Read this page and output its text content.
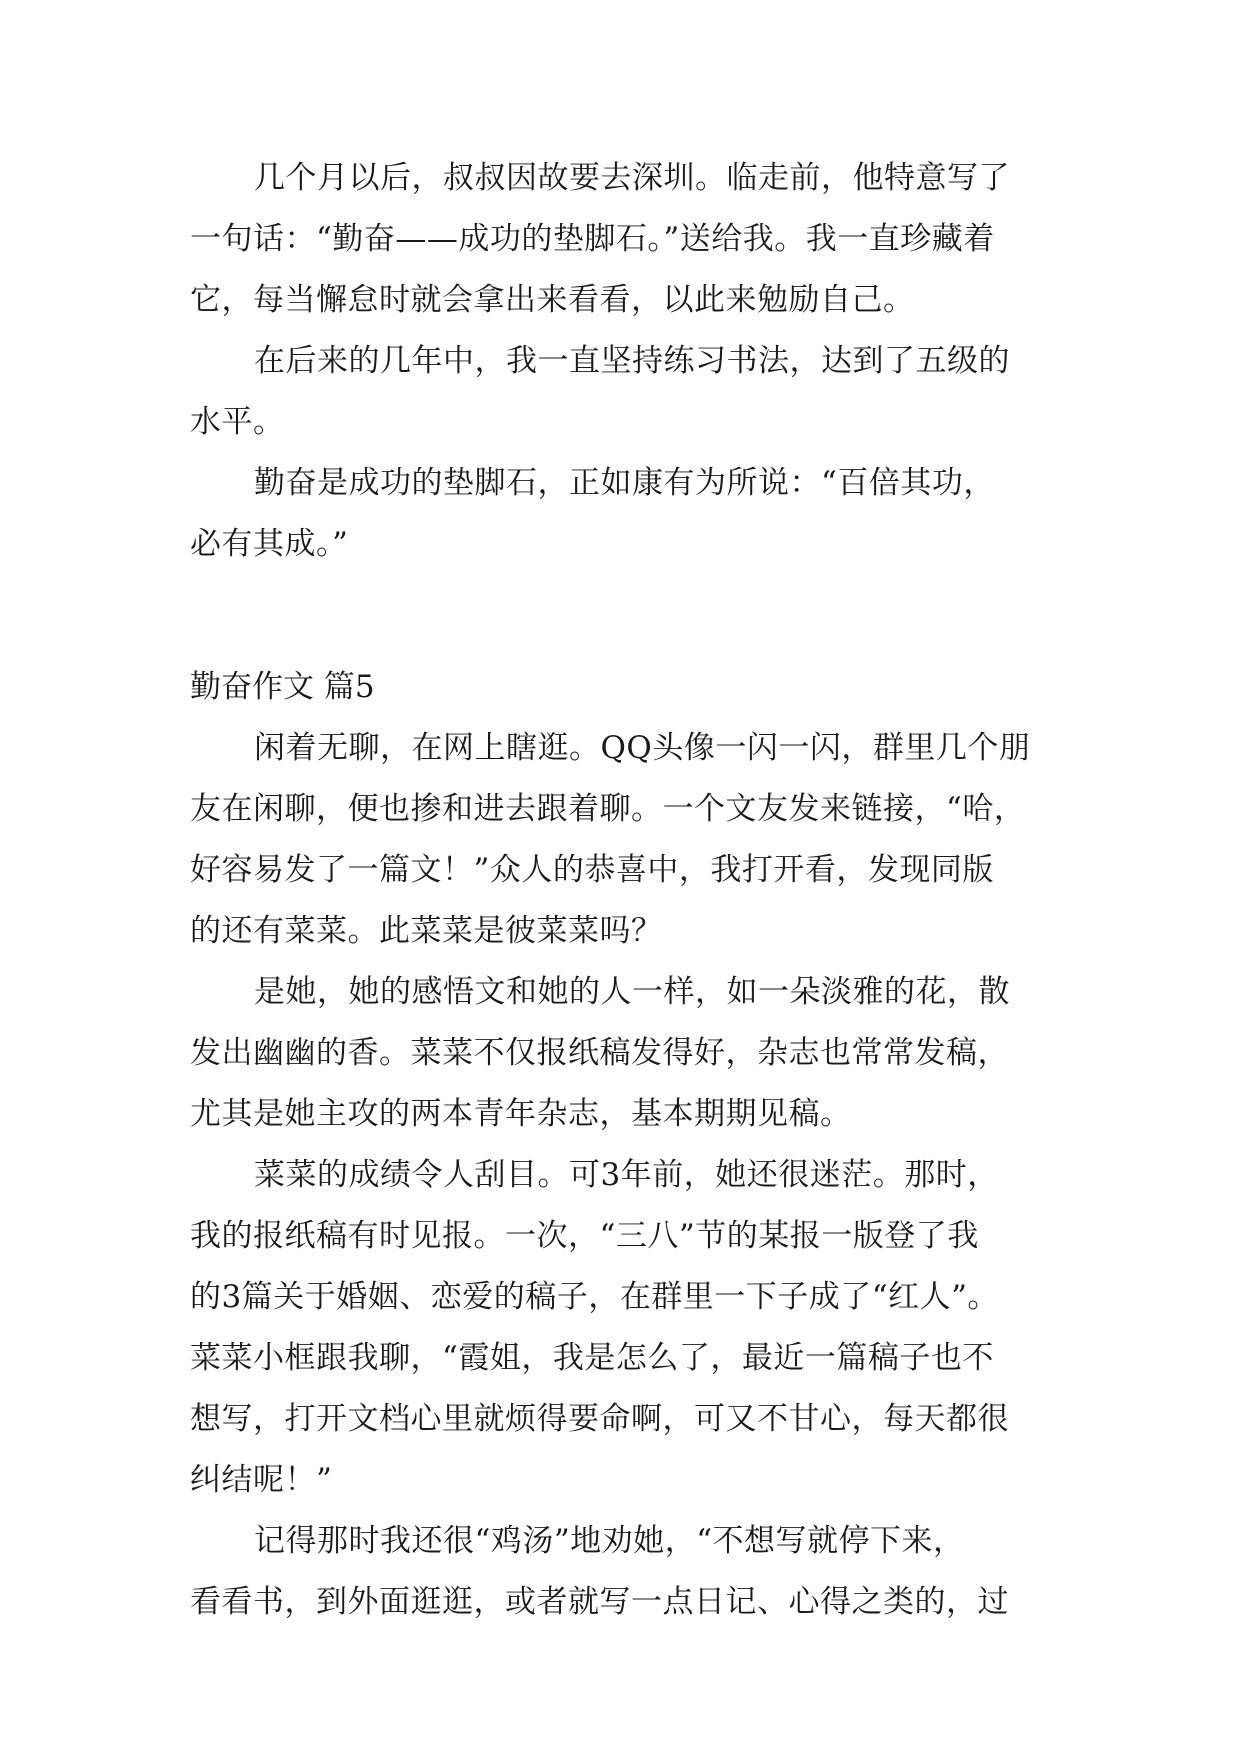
几个月以后，叔叔因故要去深圳。临走前，他特意写了
一句话：“勤奋——成功的垫脚石。”送给我。我一直珍藏着
它，每当懈怠时就会拿出来看看，以此来勉励自己。
在后来的几年中，我一直坚持练习书法，达到了五级的
水平。
勤奋是成功的垫脚石，正如康有为所说：“百倍其功，
必有其成。”
勤奋作文 篇5
闲着无聊，在网上瞎逛。QQ头像一闪一闪，群里几个朋
友在闲聊，便也掺和进去跟着聊。一个文友发来链接，“哈，
好容易发了一篇文！”众人的恭喜中，我打开看，发现同版
的还有菜菜。此菜菜是彼菜菜吗？
是她，她的感悟文和她的人一样，如一朵淡雅的花，散
发出幽幽的香。菜菜不仅报纸稿发得好，杂志也常常发稿，
尤其是她主攻的两本青年杂志，基本期期见稿。
菜菜的成绩令人刮目。可3年前，她还很迷茫。那时，
我的报纸稿有时见报。一次，“三八”节的某报一版登了我
的3篇关于婚姻、恋爱的稿子，在群里一下子成了“红人”。
菜菜小框跟我聊，“霞姐，我是怎么了，最近一篇稿子也不
想写，打开文档心里就烦得要命啊，可又不甘心，每天都很
纠结呢！”
记得那时我还很“鸡汤”地劝她，“不想写就停下来，
看看书，到外面逛逛，或者就写一点日记、心得之类的，过
